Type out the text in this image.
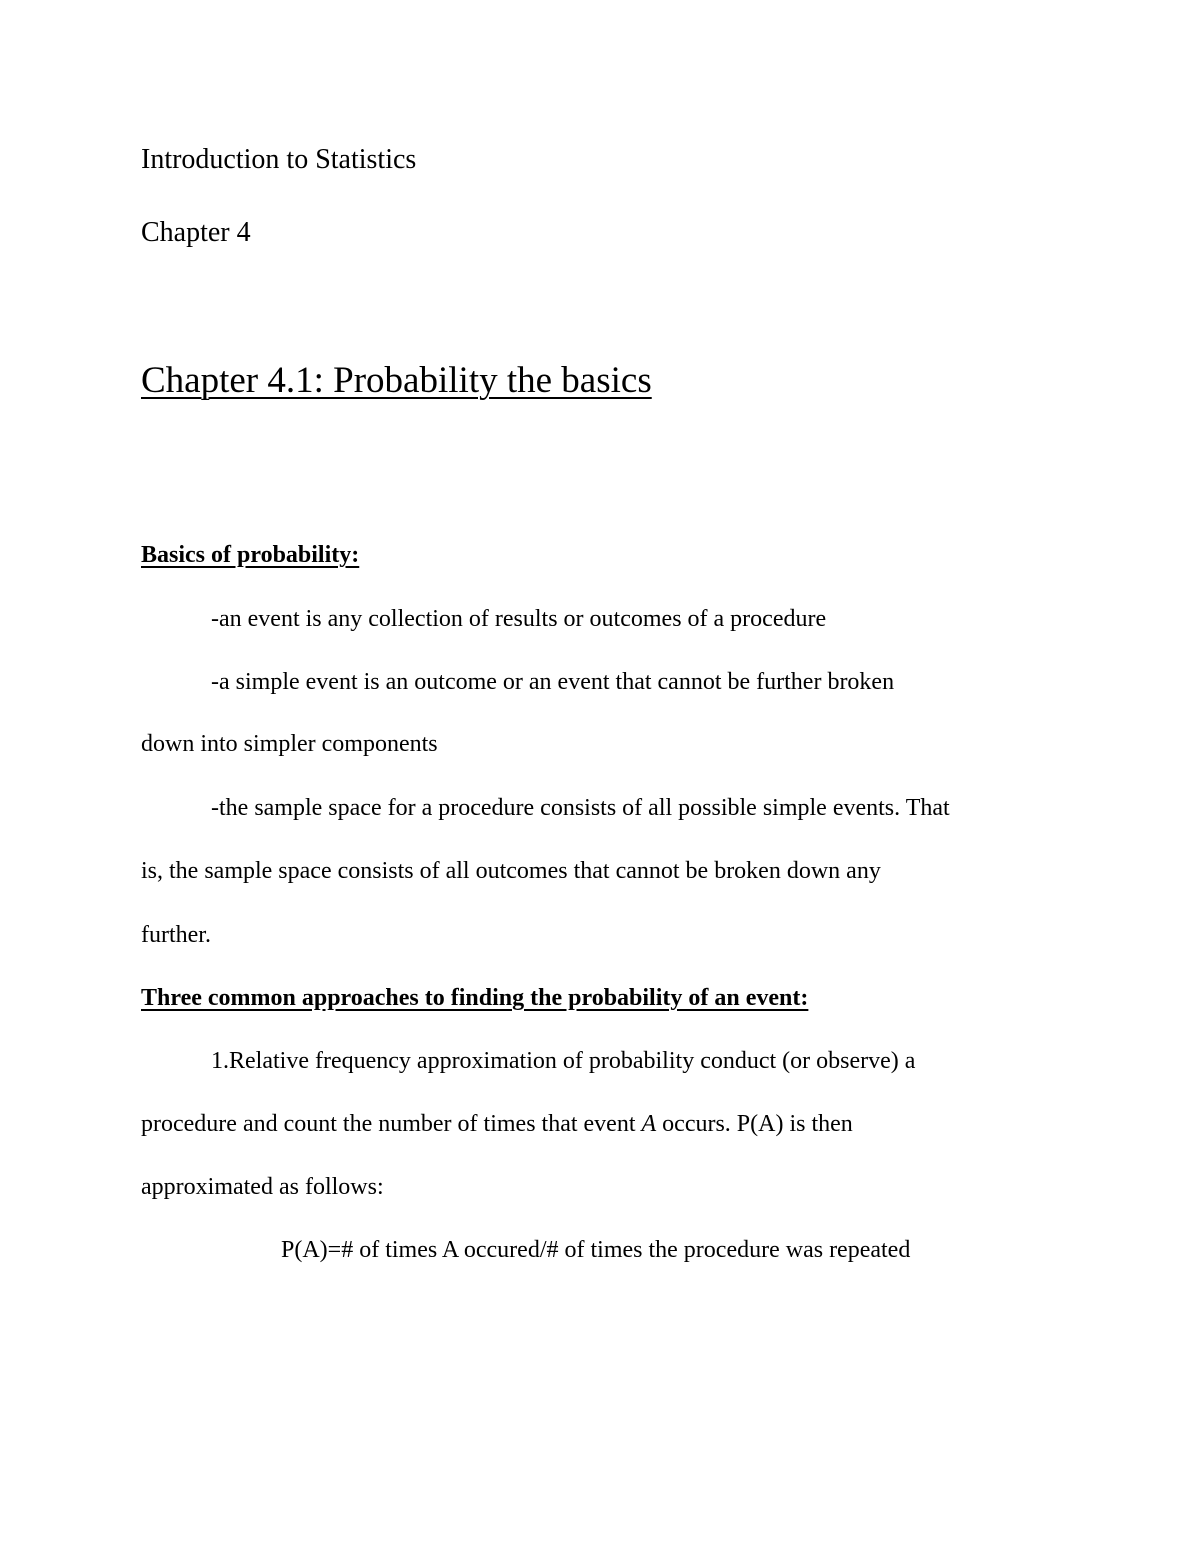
Introduction to Statistics
Chapter 4
Chapter 4.1: Probability the basics
Basics of probability:
-an event is any collection of results or outcomes of a procedure
-a simple event is an outcome or an event that cannot be further broken
down into simpler components
-the sample space for a procedure consists of all possible simple events. That
is, the sample space consists of all outcomes that cannot be broken down any
further.
Three common approaches to finding the probability of an event:
1.Relative frequency approximation of probability conduct (or observe) a
procedure and count the number of times that event A occurs. P(A) is then
approximated as follows:
P(A)=# of times A occured/# of times the procedure was repeated
